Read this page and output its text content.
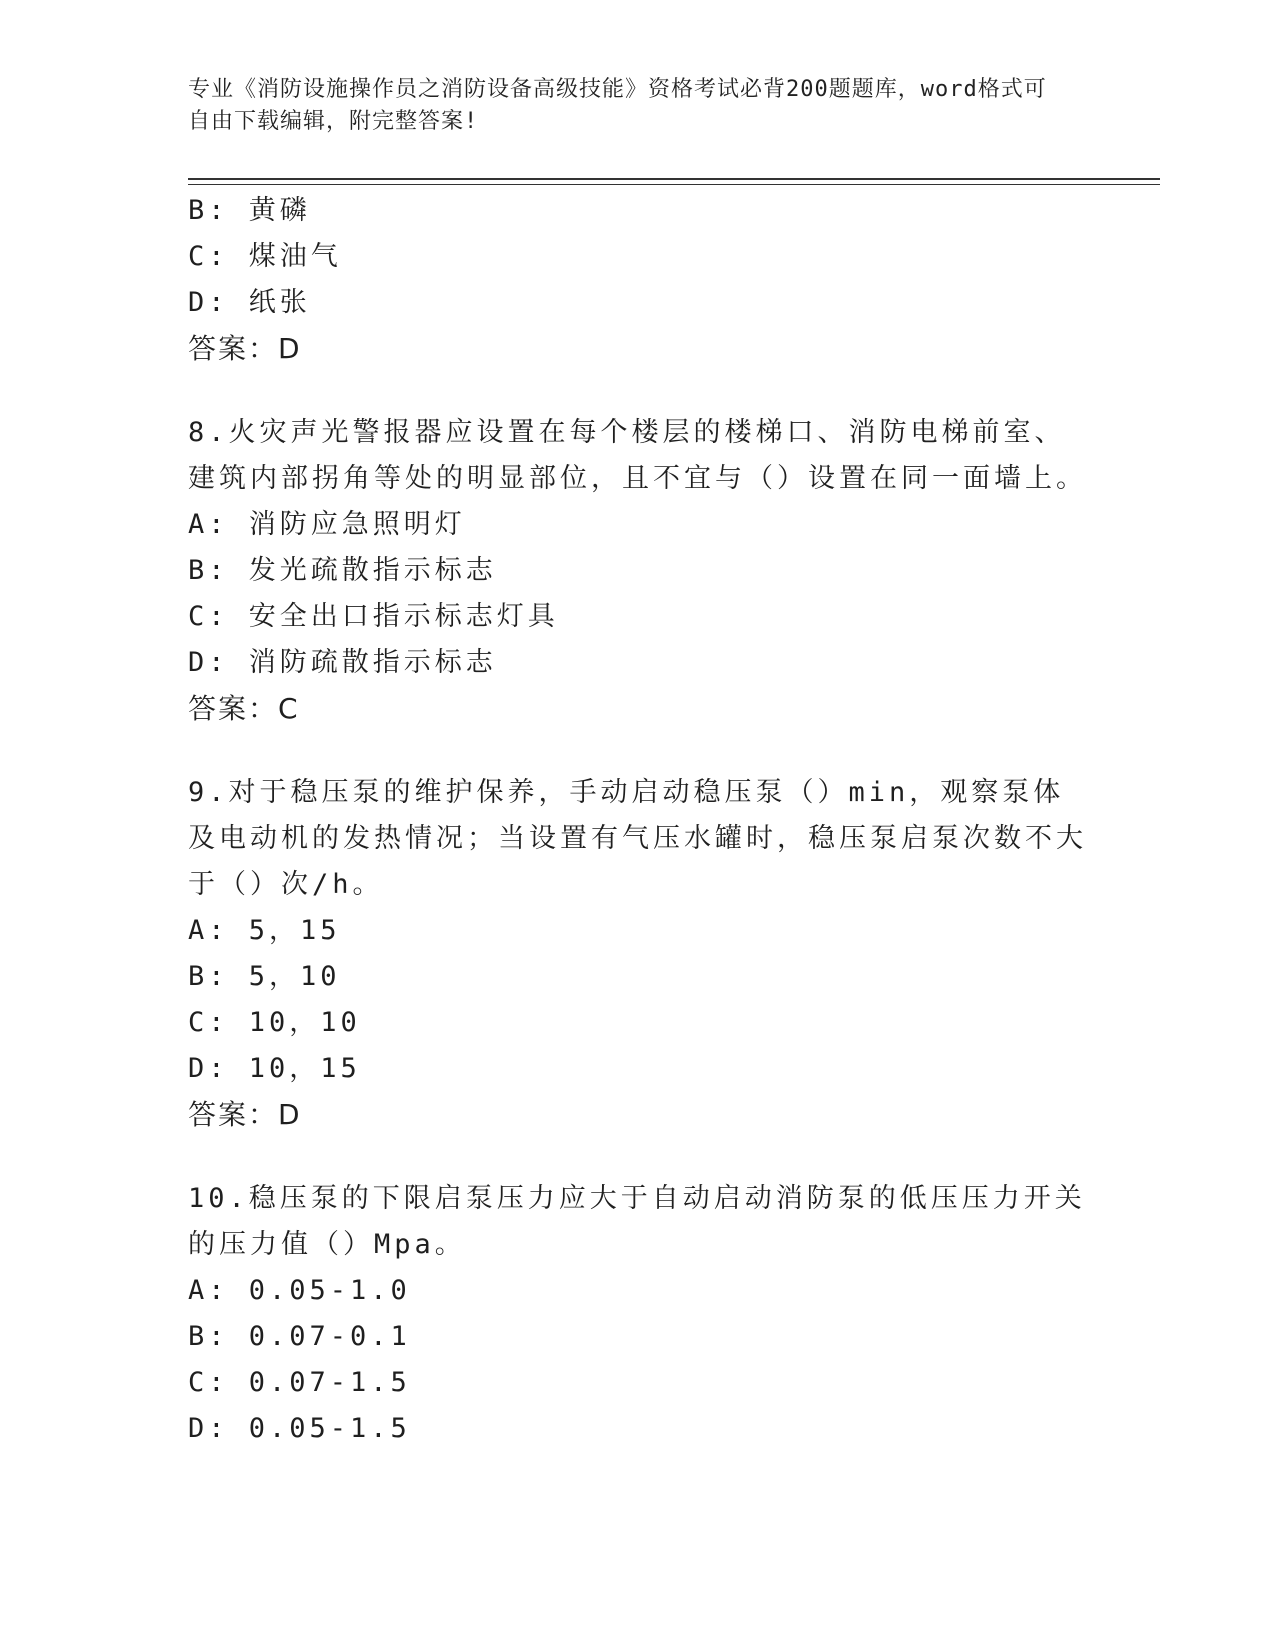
专业《消防设施操作员之消防设备高级技能》资格考试必背200题题库，word格式可自由下载编辑，附完整答案!

B: 黄磷

C: 煤油气

D: 纸张

答案：D

8.火灾声光警报器应设置在每个楼层的楼梯口、消防电梯前室、建筑内部拐角等处的明显部位，且不宜与（）设置在同一面墙上。

A: 消防应急照明灯

B: 发光疏散指示标志

C: 安全出口指示标志灯具

D: 消防疏散指示标志

答案：C

9.对于稳压泵的维护保养，手动启动稳压泵（）min，观察泵体及电动机的发热情况；当设置有气压水罐时，稳压泵启泵次数不大于（）次/h。

A: 5，15

B: 5，10

C: 10，10

D: 10，15

答案：D

10.稳压泵的下限启泵压力应大于自动启动消防泵的低压压力开关的压力值（）Mpa。

A: 0.05-1.0

B: 0.07-0.1

C: 0.07-1.5

D: 0.05-1.5
